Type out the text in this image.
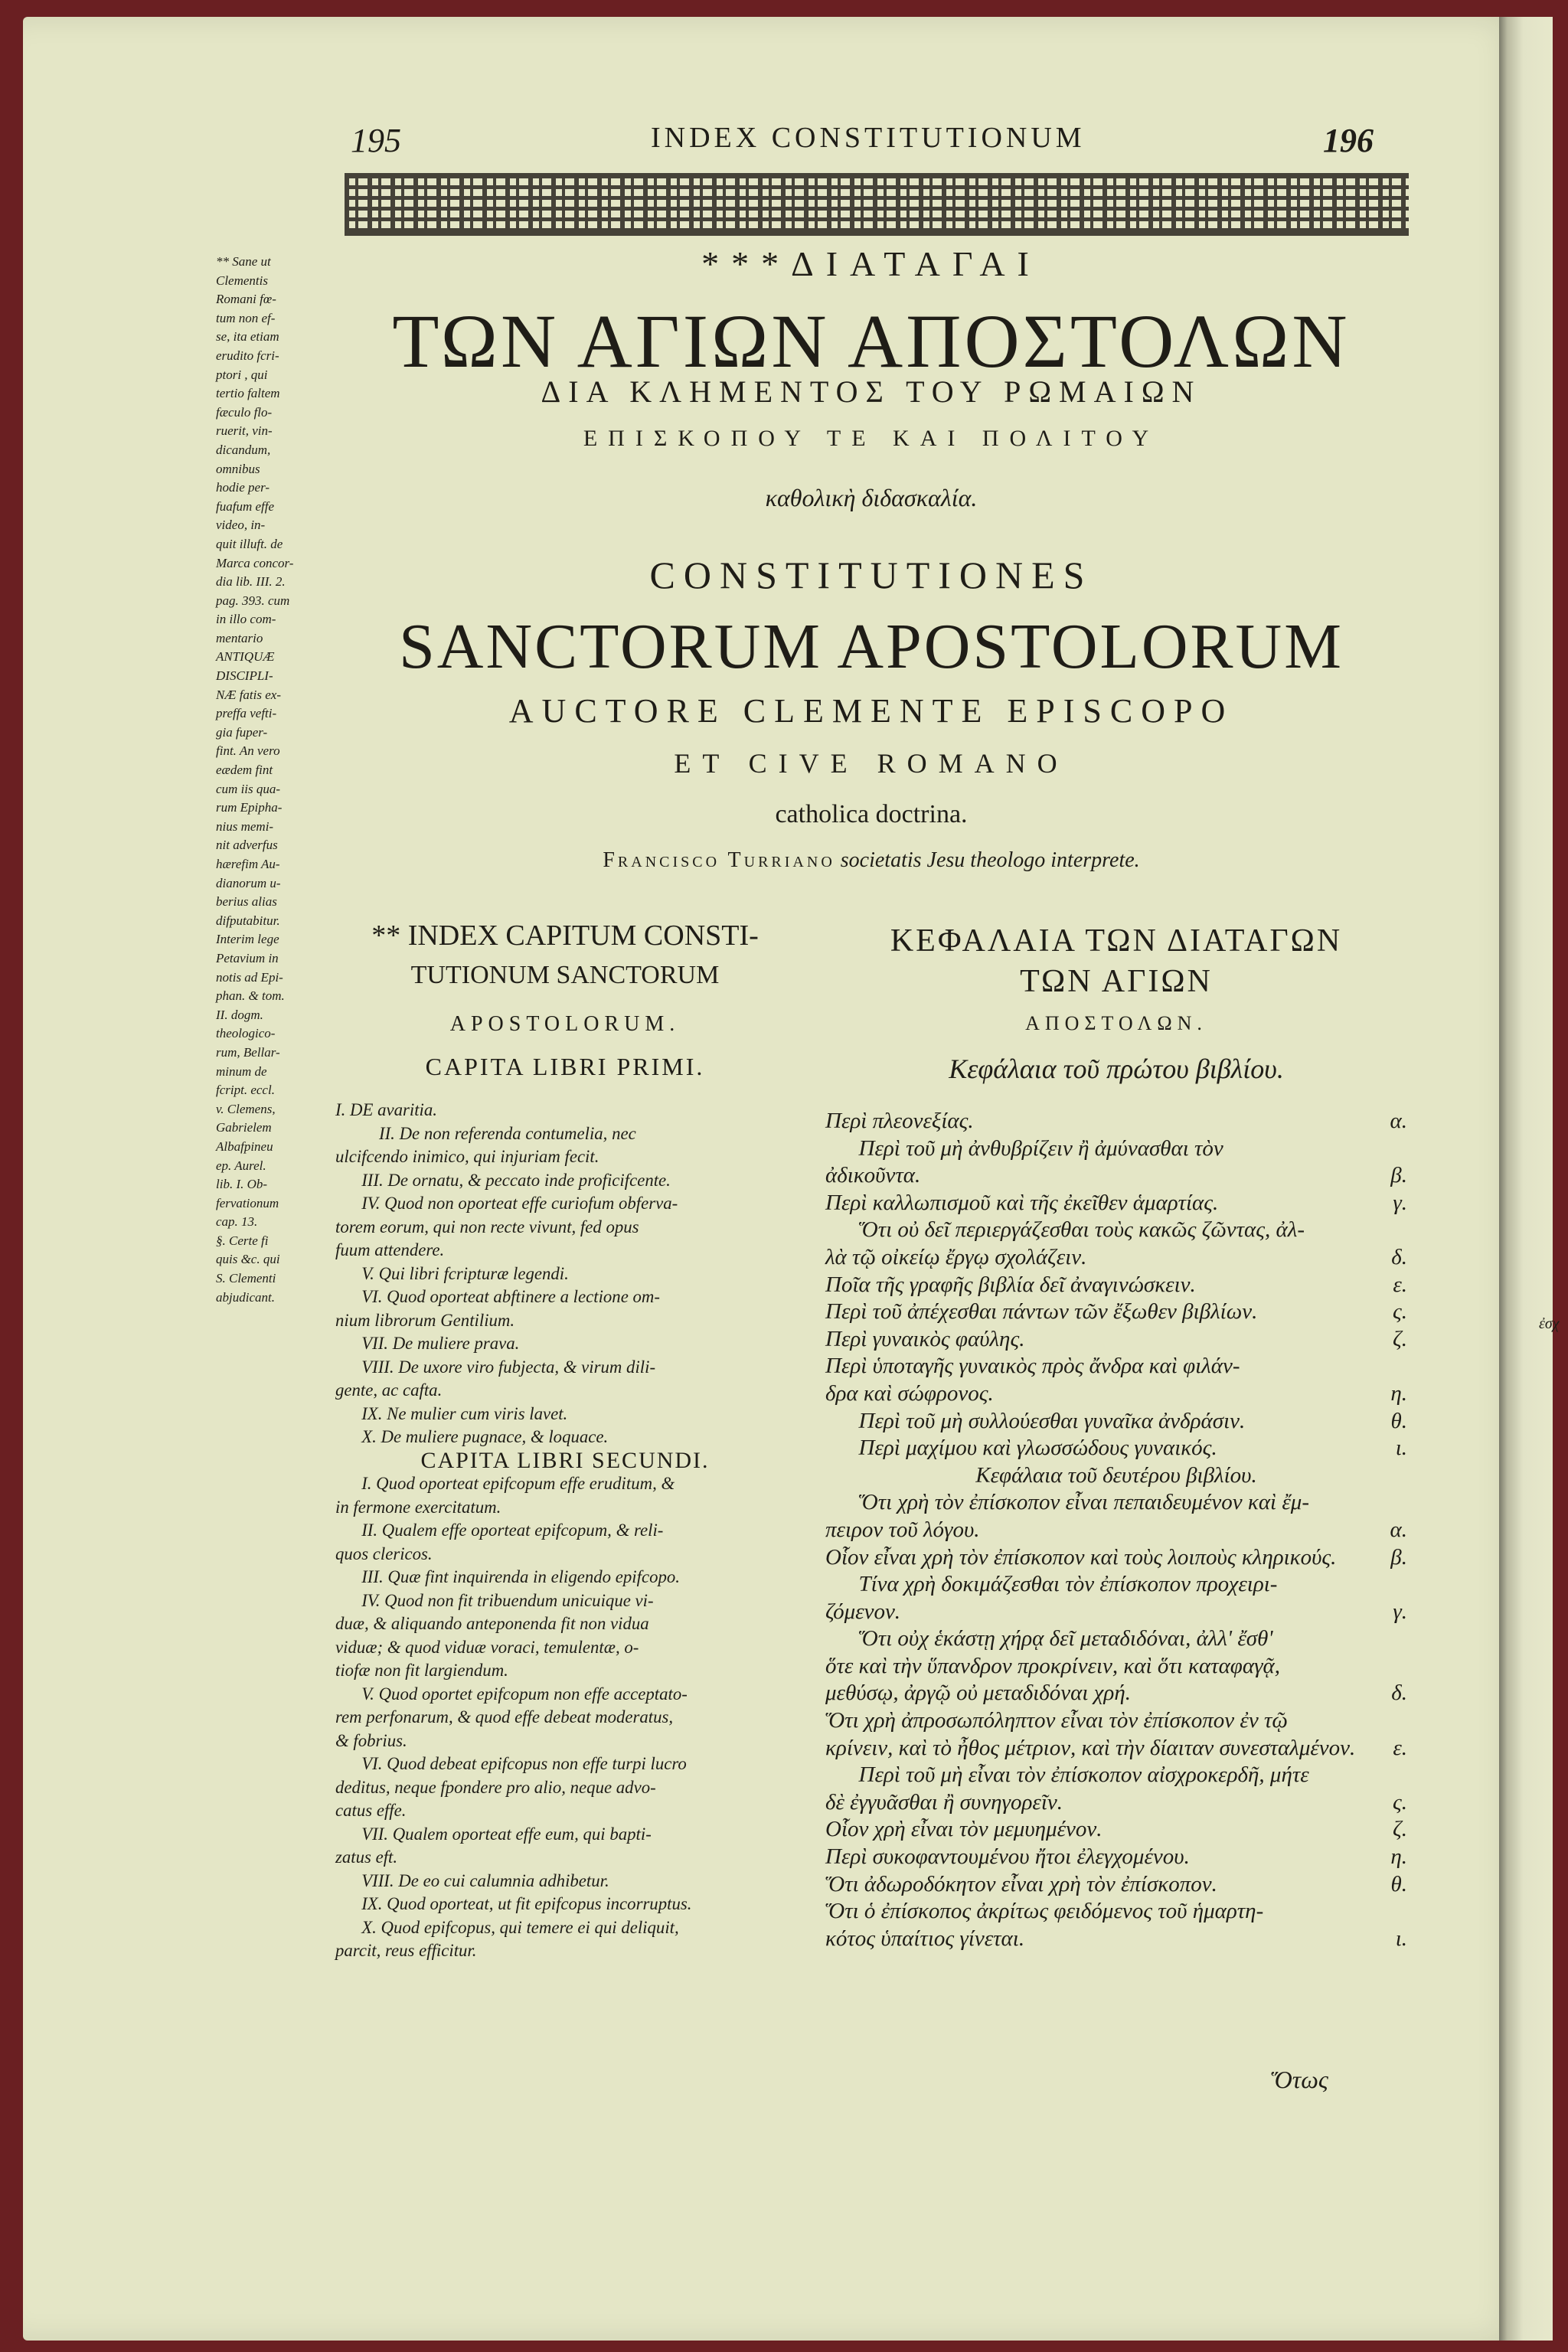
ἐσχ
195	INDEX CONSTITUTIONUM	196
***ΔΙΑΤΑΓΑΙ
ΤΩΝ ΑΓΙΩΝ ΑΠΟΣΤΟΛΩΝ
ΔΙΑ ΚΛΗΜΕΝΤΟΣ ΤΟΥ ΡΩΜΑΙΩΝ
ΕΠΙΣΚΟΠΟΥ ΤΕ ΚΑΙ ΠΟΛΙΤΟΥ
καθολικὴ διδασκαλία.
CONSTITUTIONES
SANCTORUM APOSTOLORUM
AUCTORE CLEMENTE EPISCOPO
ET CIVE ROMANO
catholica doctrina.
Francisco Turriano societatis Jesu theologo interprete.
** Sane ut
Clementis
Romani fœ-
tum non ef-
se, ita etiam
erudito fcri-
ptori , qui
tertio faltem
fæculo flo-
ruerit, vin-
dicandum,
omnibus
hodie per-
fuafum effe
video, in-
quit illuft. de
Marca concor-
dia lib. III. 2.
pag. 393. cum
in illo com-
mentario
ANTIQUÆ
DISCIPLI-
NÆ fatis ex-
preffa vefti-
gia fuper-
fint. An vero
eædem fint
cum iis qua-
rum Epipha-
nius memi-
nit adverfus
hærefim Au-
dianorum u-
berius alias
difputabitur.
Interim lege
Petavium in
notis ad Epi-
phan. & tom.
II. dogm.
theologico-
rum, Bellar-
minum de
fcript. eccl.
v. Clemens,
Gabrielem
Albafpineu
ep. Aurel.
lib. I. Ob-
fervationum
cap. 13.
§. Certe fi
quis &c. qui
S. Clementi
abjudicant.
** INDEX CAPITUM CONSTI-
TUTIONUM SANCTORUM
APOSTOLORUM.
CAPITA LIBRI PRIMI.
ΚΕΦΑΛΑΙΑ ΤΩΝ ΔΙΑΤΑΓΩΝ
ΤΩΝ ΑΓΙΩΝ
ΑΠΟΣΤΟΛΩΝ.
Κεφάλαια τοῦ πρώτου βιβλίου.
I. DE avaritia.
II. De non referenda contumelia, nec
ulcifcendo inimico, qui injuriam fecit.
III. De ornatu, & peccato inde proficifcente.
IV. Quod non oporteat effe curiofum obferva-
torem eorum, qui non recte vivunt, fed opus
fuum attendere.
V. Qui libri fcripturæ legendi.
VI. Quod oporteat abftinere a lectione om-
nium librorum Gentilium.
VII. De muliere prava.
VIII. De uxore viro fubjecta, & virum dili-
gente, ac cafta.
IX. Ne mulier cum viris lavet.
X. De muliere pugnace, & loquace.
CAPITA LIBRI SECUNDI.
I. Quod oporteat epifcopum effe eruditum, &
in fermone exercitatum.
II. Qualem effe oporteat epifcopum, & reli-
quos clericos.
III. Quæ fint inquirenda in eligendo epifcopo.
IV. Quod non fit tribuendum unicuique vi-
duæ, & aliquando anteponenda fit non vidua
viduæ; & quod viduæ voraci, temulentæ, o-
tiofæ non fit largiendum.
V. Quod oportet epifcopum non effe acceptato-
rem perfonarum, & quod effe debeat moderatus,
& fobrius.
VI. Quod debeat epifcopus non effe turpi lucro
deditus, neque fpondere pro alio, neque advo-
catus effe.
VII. Qualem oporteat effe eum, qui bapti-
zatus eft.
VIII. De eo cui calumnia adhibetur.
IX. Quod oporteat, ut fit epifcopus incorruptus.
X. Quod epifcopus, qui temere ei qui deliquit,
parcit, reus efficitur.
Περὶ πλεονεξίας.	α.
Περὶ τοῦ μὴ ἀνθυβρίζειν ἢ ἀμύνασθαι τὸν
ἀδικοῦντα.	β.
Περὶ καλλωπισμοῦ καὶ τῆς ἐκεῖθεν ἁμαρτίας.	γ.
Ὅτι οὐ δεῖ περιεργάζεσθαι τοὺς κακῶς ζῶντας, ἀλ-
λὰ τῷ οἰκείῳ ἔργῳ σχολάζειν.	δ.
Ποῖα τῆς γραφῆς βιβλία δεῖ ἀναγινώσκειν.	ε.
Περὶ τοῦ ἀπέχεσθαι πάντων τῶν ἔξωθεν βιβλίων.	ς.
Περὶ γυναικὸς φαύλης.	ζ.
Περὶ ὑποταγῆς γυναικὸς πρὸς ἄνδρα καὶ φιλάν-
δρα καὶ σώφρονος.	η.
Περὶ τοῦ μὴ συλλούεσθαι γυναῖκα ἀνδράσιν.	θ.
Περὶ μαχίμου καὶ γλωσσώδους γυναικός.	ι.
Κεφάλαια τοῦ δευτέρου βιβλίου.
Ὅτι χρὴ τὸν ἐπίσκοπον εἶναι πεπαιδευμένον καὶ ἔμ-
πειρον τοῦ λόγου.	α.
Οἷον εἶναι χρὴ τὸν ἐπίσκοπον καὶ τοὺς λοιποὺς κληρικούς. β.
Τίνα χρὴ δοκιμάζεσθαι τὸν ἐπίσκοπον προχειρι-
ζόμενον.	γ.
Ὅτι οὐχ ἑκάστῃ χήρᾳ δεῖ μεταδιδόναι, ἀλλ' ἔσθ'
ὅτε καὶ τὴν ὕπανδρον προκρίνειν, καὶ ὅτι καταφαγᾷ,
μεθύσῳ, ἀργῷ οὐ μεταδιδόναι χρή.	δ.
Ὅτι χρὴ ἀπροσωπόληπτον εἶναι τὸν ἐπίσκοπον ἐν τῷ
κρίνειν, καὶ τὸ ἦθος μέτριον, καὶ τὴν δίαιταν συνεσταλμένον. ε.
Περὶ τοῦ μὴ εἶναι τὸν ἐπίσκοπον αἰσχροκερδῆ, μήτε
δὲ ἐγγυᾶσθαι ἢ συνηγορεῖν.	ς.
Οἷον χρὴ εἶναι τὸν μεμυημένον.	ζ.
Περὶ συκοφαντουμένου ἤτοι ἐλεγχομένου.	η.
Ὅτι ἀδωροδόκητον εἶναι χρὴ τὸν ἐπίσκοπον.	θ.
Ὅτι ὁ ἐπίσκοπος ἀκρίτως φειδόμενος τοῦ ἡμαρτη-
κότος ὑπαίτιος γίνεται.	ι.
Ὅτως
